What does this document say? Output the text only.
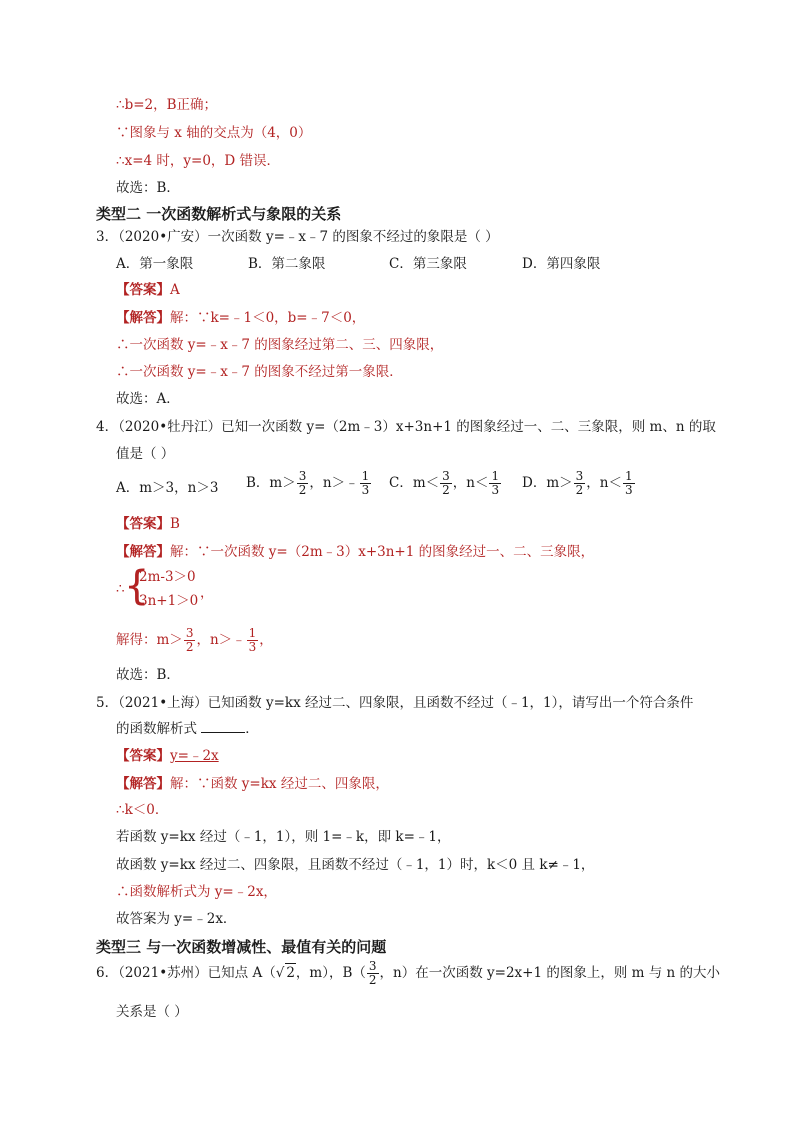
∴b=2，B正确；
∵图象与 x 轴的交点为（4，0）
∴x=4 时，y=0，D 错误．
故选：B．
类型二 一次函数解析式与象限的关系
3．（2020•广安）一次函数 y=﹣x﹣7 的图象不经过的象限是（ ）
A．第一象限	B．第二象限	C．第三象限	D．第四象限
【答案】A
【解答】解：∵k=﹣1＜0，b=﹣7＜0，
∴一次函数 y=﹣x﹣7 的图象经过第二、三、四象限，
∴一次函数 y=﹣x﹣7 的图象不经过第一象限．
故选：A．
4．（2020•牡丹江）已知一次函数 y=（2m﹣3）x+3n+1 的图象经过一、二、三象限，则 m、n 的取
值是（ ）
A．m＞3，n＞3 B．$m> \frac{3}{2}$ ，n＞﹣ $\frac{1}{3}$ C．$m< \frac{3}{2}$ ，$n< \frac{1}{3}$ D．$m> \frac{3}{2}$ ，$n< \frac{1}{3}$
【答案】B
【解答】解：∵一次函数 y=（2m﹣3）x+3n+1 的图象经过一、二、三象限，
∴ {
2m-3＞0
3n+1＞0 ，
解得：$m> \frac{3}{2}$ ，n＞﹣ $\frac{1}{3}$ ，
故选：B．
5．（2021•上海）已知函数 y=kx 经过二、四象限，且函数不经过（﹣1，1），请写出一个符合条件
的函数解析式	．
【答案】y=﹣2x
【解答】解：∵函数 y=kx 经过二、四象限，
∴k＜0．
若函数 y=kx 经过（﹣1，1），则 1=﹣k，即 k=﹣1，
故函数 y=kx 经过二、四象限，且函数不经过（﹣1，1）时，k＜0 且 k≠﹣1，
∴函数解析式为 y=﹣2x，
故答案为 y=﹣2x．
类型三 与一次函数增减性、最值有关的问题
6．（2021•苏州）已知点 A（√ 2，m），$B( \frac{3}{2}$ ，n）在一次函数 y=2x+1 的图象上，则 m 与 n 的大小
关系是（ ）
